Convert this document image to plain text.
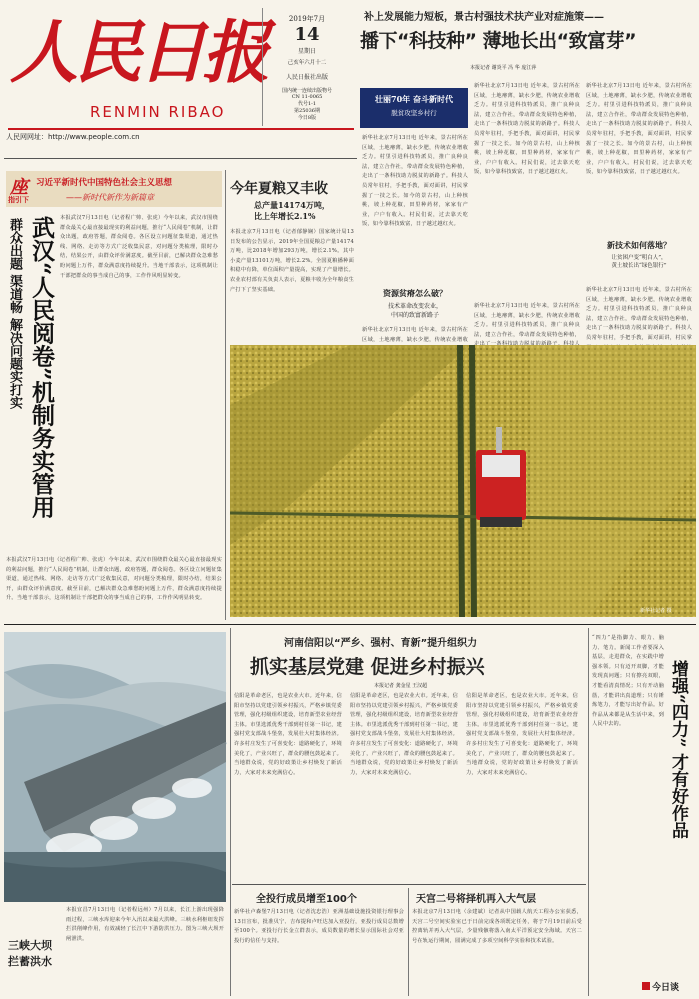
人民日报
RENMIN RIBAO
人民网网址：http://www.people.com.cn
2019年7月
14
星期日
己亥年六月十二
人民日报社出版
国内统一连续出版物号
CN 11-0065
代号1-1
第25036期
今日8版
补上发展能力短板，景古村强技术扶产业对症施策——
播下“科技种” 薄地长出“致富芽”
本报记者 谢炎平 冯 华 庞江萍
壮丽70年 奋斗新时代
脱贫攻坚乡村行
新华社北京7月13日电 近年来，景古村所在区域，土地瘠薄，缺水少肥，传统农业增收乏力。村里引进科技特派员，推广良种良法，建立合作社，带动群众发展特色种植，走出了一条科技助力脱贫的新路子。科技人员常年驻村，手把手教，面对面讲，村民掌握了一技之长。如今的景古村，山上种核桃，坡上种花椒，田里种药材，家家有产业，户户有收入。村民们说，过去靠天吃饭，如今靠科技致富，日子越过越红火。
新华社北京7月13日电 近年来，景古村所在区域，土地瘠薄，缺水少肥，传统农业增收乏力。村里引进科技特派员，推广良种良法，建立合作社，带动群众发展特色种植，走出了一条科技助力脱贫的新路子。科技人员常年驻村，手把手教，面对面讲，村民掌握了一技之长。如今的景古村，山上种核桃，坡上种花椒，田里种药材，家家有产业，户户有收入。村民们说，过去靠天吃饭，如今靠科技致富，日子越过越红火。
新华社北京7月13日电 近年来，景古村所在区域，土地瘠薄，缺水少肥，传统农业增收乏力。村里引进科技特派员，推广良种良法，建立合作社，带动群众发展特色种植，走出了一条科技助力脱贫的新路子。科技人员常年驻村，手把手教，面对面讲，村民掌握了一技之长。如今的景古村，山上种核桃，坡上种花椒，田里种药材，家家有产业，户户有收入。村民们说，过去靠天吃饭，如今靠科技致富，日子越过越红火。
资源贫瘠怎么破？
技术革命改变农业，
中国的致富新路子
新技术如何落地？
让贫困户变“明白人”，
黄土坡长出“绿色银行”
新华社北京7月13日电 近年来，景古村所在区域，土地瘠薄，缺水少肥，传统农业增收乏力。村里引进科技特派员，推广良种良法，建立合作社，带动群众发展特色种植，走出了一条科技助力脱贫的新路子。科技人员常年驻村，手把手教，面对面讲，村民掌
新华社北京7月13日电 近年来，景古村所在区域，土地瘠薄，缺水少肥，传统农业增收
新华社北京7月13日电 近年来，景古村所在区域，土地瘠薄，缺水少肥，传统农业增收乏力。村里引进科技特派员，推广良种良法，建立合作社，带动群众发展特色种植，
座
指引下
习近平新时代中国特色社会主义思想
——新时代新作为新篇章
武汉“人民阅卷”机制务实管用
群众出题 渠道畅 解决问题实打实	本报武汉7月13日电（记者程广帅、张虎）今年以来，武汉市围绕群众最关心最直接最现实的利益问题，推行“人民阅卷”机制，让群众出题，政府答题，群众阅卷。各区设立问题征集渠道，通过热线、网络、走访等方式广泛收集民意，对问题分类梳理，限时办结，结果公开，由群众评价满意度。截至目前，已解决群众急难愁盼问题上万件，群众满意度持续提升。当地干部表示，这项机制让干部把群众的事当成自己的事，工作作风明显转变。
本报武汉7月13日电（记者程广帅、张虎）今年以来，武汉市围绕群众最关心最直接最现实的利益问题，推行“人民阅卷”机制，让群众出题，政府答题，群众阅卷。各区设立问题征集渠道，通过热线、网络、走访等方式广泛收集民意，对问题分类梳理，限时办结，结果公开，由群众评价满意度。截至目前，已解决群众急难愁盼问题上万件，群众满意度持续提升。当地干部表示，这项机制让干部把群众的事当成自己的事，工作作风明显转变。
今年夏粮又丰收
总产量14174万吨，
比上年增长2.1%
本报北京7月13日电（记者郁静娴）国家统计局13日发布的公告显示，2019年全国夏粮总产量14174万吨，比2018年增加293万吨，增长2.1%。其中小麦产量13101万吨，增长2.2%。全国夏粮播种面积稳中有降，单位面积产量提高，实现了产量增长。农业农村部有关负责人表示，夏粮丰收为全年粮食生产打下了坚实基础。
新华社记者 摄
三峡大坝
拦蓄洪水
本报宜昌7月13日电（记者程远州）7月以来，长江上游出现强降雨过程，三峡水库迎来今年入汛以来最大洪峰。三峡水利枢纽发挥拦洪削峰作用，有效减轻了长江中下游防洪压力。图为三峡大坝开闸泄洪。
河南信阳以“严乡、强村、育新”提升组织力
抓实基层党建 促进乡村振兴
本报记者 龚金星 王汉超
信阳是革命老区，也是农业大市。近年来，信阳市坚持以党建引领乡村振兴，严格乡镇党委管理，强化村级组织建设，培育新型农业经营主体。市里选派优秀干部到村任第一书记，建强村党支部战斗堡垒，发展壮大村集体经济。许多村庄发生了可喜变化：道路硬化了，环境美化了，产业兴旺了，群众的腰包鼓起来了。当地群众说，党的好政策让乡村焕发了新活力，大家对未来充满信心。
信阳是革命老区，也是农业大市。近年来，信阳市坚持以党建引领乡村振兴，严格乡镇党委管理，强化村级组织建设，培育新型农业经营主体。市里选派优秀干部到村任第一书记，建强村党支部战斗堡垒，发展壮大村集体经济。许多村庄发生了可喜变化：道路硬化了，环境美化了，产业兴旺了，群众的腰包鼓起来了。当地群众说，党的好政策让乡村焕发了新活力，大家对未来充满信心。
信阳是革命老区，也是农业大市。近年来，信阳市坚持以党建引领乡村振兴，严格乡镇党委管理，强化村级组织建设，培育新型农业经营主体。市里选派优秀干部到村任第一书记，建强村党支部战斗堡垒，发展壮大村集体经济。许多村庄发生了可喜变化：道路硬化了，环境美化了，产业兴旺了，群众的腰包鼓起来了。当地群众说，党的好政策让乡村焕发了新活力，大家对未来充满信心。
全投行成员增至100个
新华社卢森堡7月13日电（记者沈忠浩）亚洲基础设施投资银行理事会13日宣布，批准贝宁、吉布提和卢旺达加入亚投行，亚投行成员总数增至100个。亚投行行长金立群表示，成员数量的增长显示国际社会对亚投行的信任与支持。
天宫二号将择机再入大气层
本报北京7月13日电（余建斌）记者从中国载人航天工程办公室获悉，天宫二号空间实验室已于日前完成各项既定任务，将于7月19日前后受控离轨并再入大气层，少量残骸将落入南太平洋预定安全海域。天宫二号在轨运行期间，圆满完成了多项空间科学实验和技术试验。
增强“四力” 才有好作品
“四力”是指脚力、眼力、脑力、笔力。新闻工作者要深入基层，走进群众，在实践中增强本领。只有迈开双脚，才能发现真问题；只有擦亮双眼，才能看清真情况；只有开动脑筋，才能讲出真道理；只有锤炼笔力，才能写出好作品。好作品从来都是从生活中来，到人民中去的。
今日谈
